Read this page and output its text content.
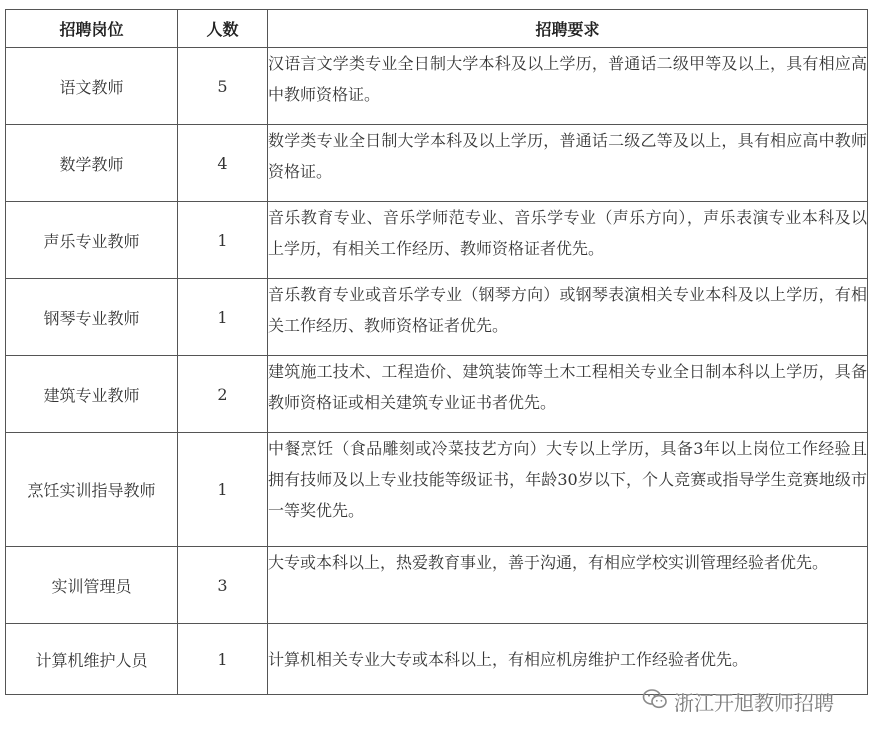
招聘岗位	人数	招聘要求
语文教师	5	汉语言文学类专业全日制大学本科及以上学历，普通话二级甲等及以上，具有相应高中教师资格证。
数学教师	4	数学类专业全日制大学本科及以上学历，普通话二级乙等及以上，具有相应高中教师资格证。
声乐专业教师	1	音乐教育专业、音乐学师范专业、音乐学专业（声乐方向），声乐表演专业本科及以上学历，有相关工作经历、教师资格证者优先。
钢琴专业教师	1	音乐教育专业或音乐学专业（钢琴方向）或钢琴表演相关专业本科及以上学历，有相关工作经历、教师资格证者优先。
建筑专业教师	2	建筑施工技术、工程造价、建筑装饰等土木工程相关专业全日制本科以上学历，具备教师资格证或相关建筑专业证书者优先。
烹饪实训指导教师	1	中餐烹饪（食品雕刻或冷菜技艺方向）大专以上学历，具备3年以上岗位工作经验且拥有技师及以上专业技能等级证书，年龄30岁以下，个人竞赛或指导学生竞赛地级市一等奖优先。
实训管理员	3	大专或本科以上，热爱教育事业，善于沟通，有相应学校实训管理经验者优先。
计算机维护人员	1	计算机相关专业大专或本科以上，有相应机房维护工作经验者优先。
浙江开旭教师招聘
